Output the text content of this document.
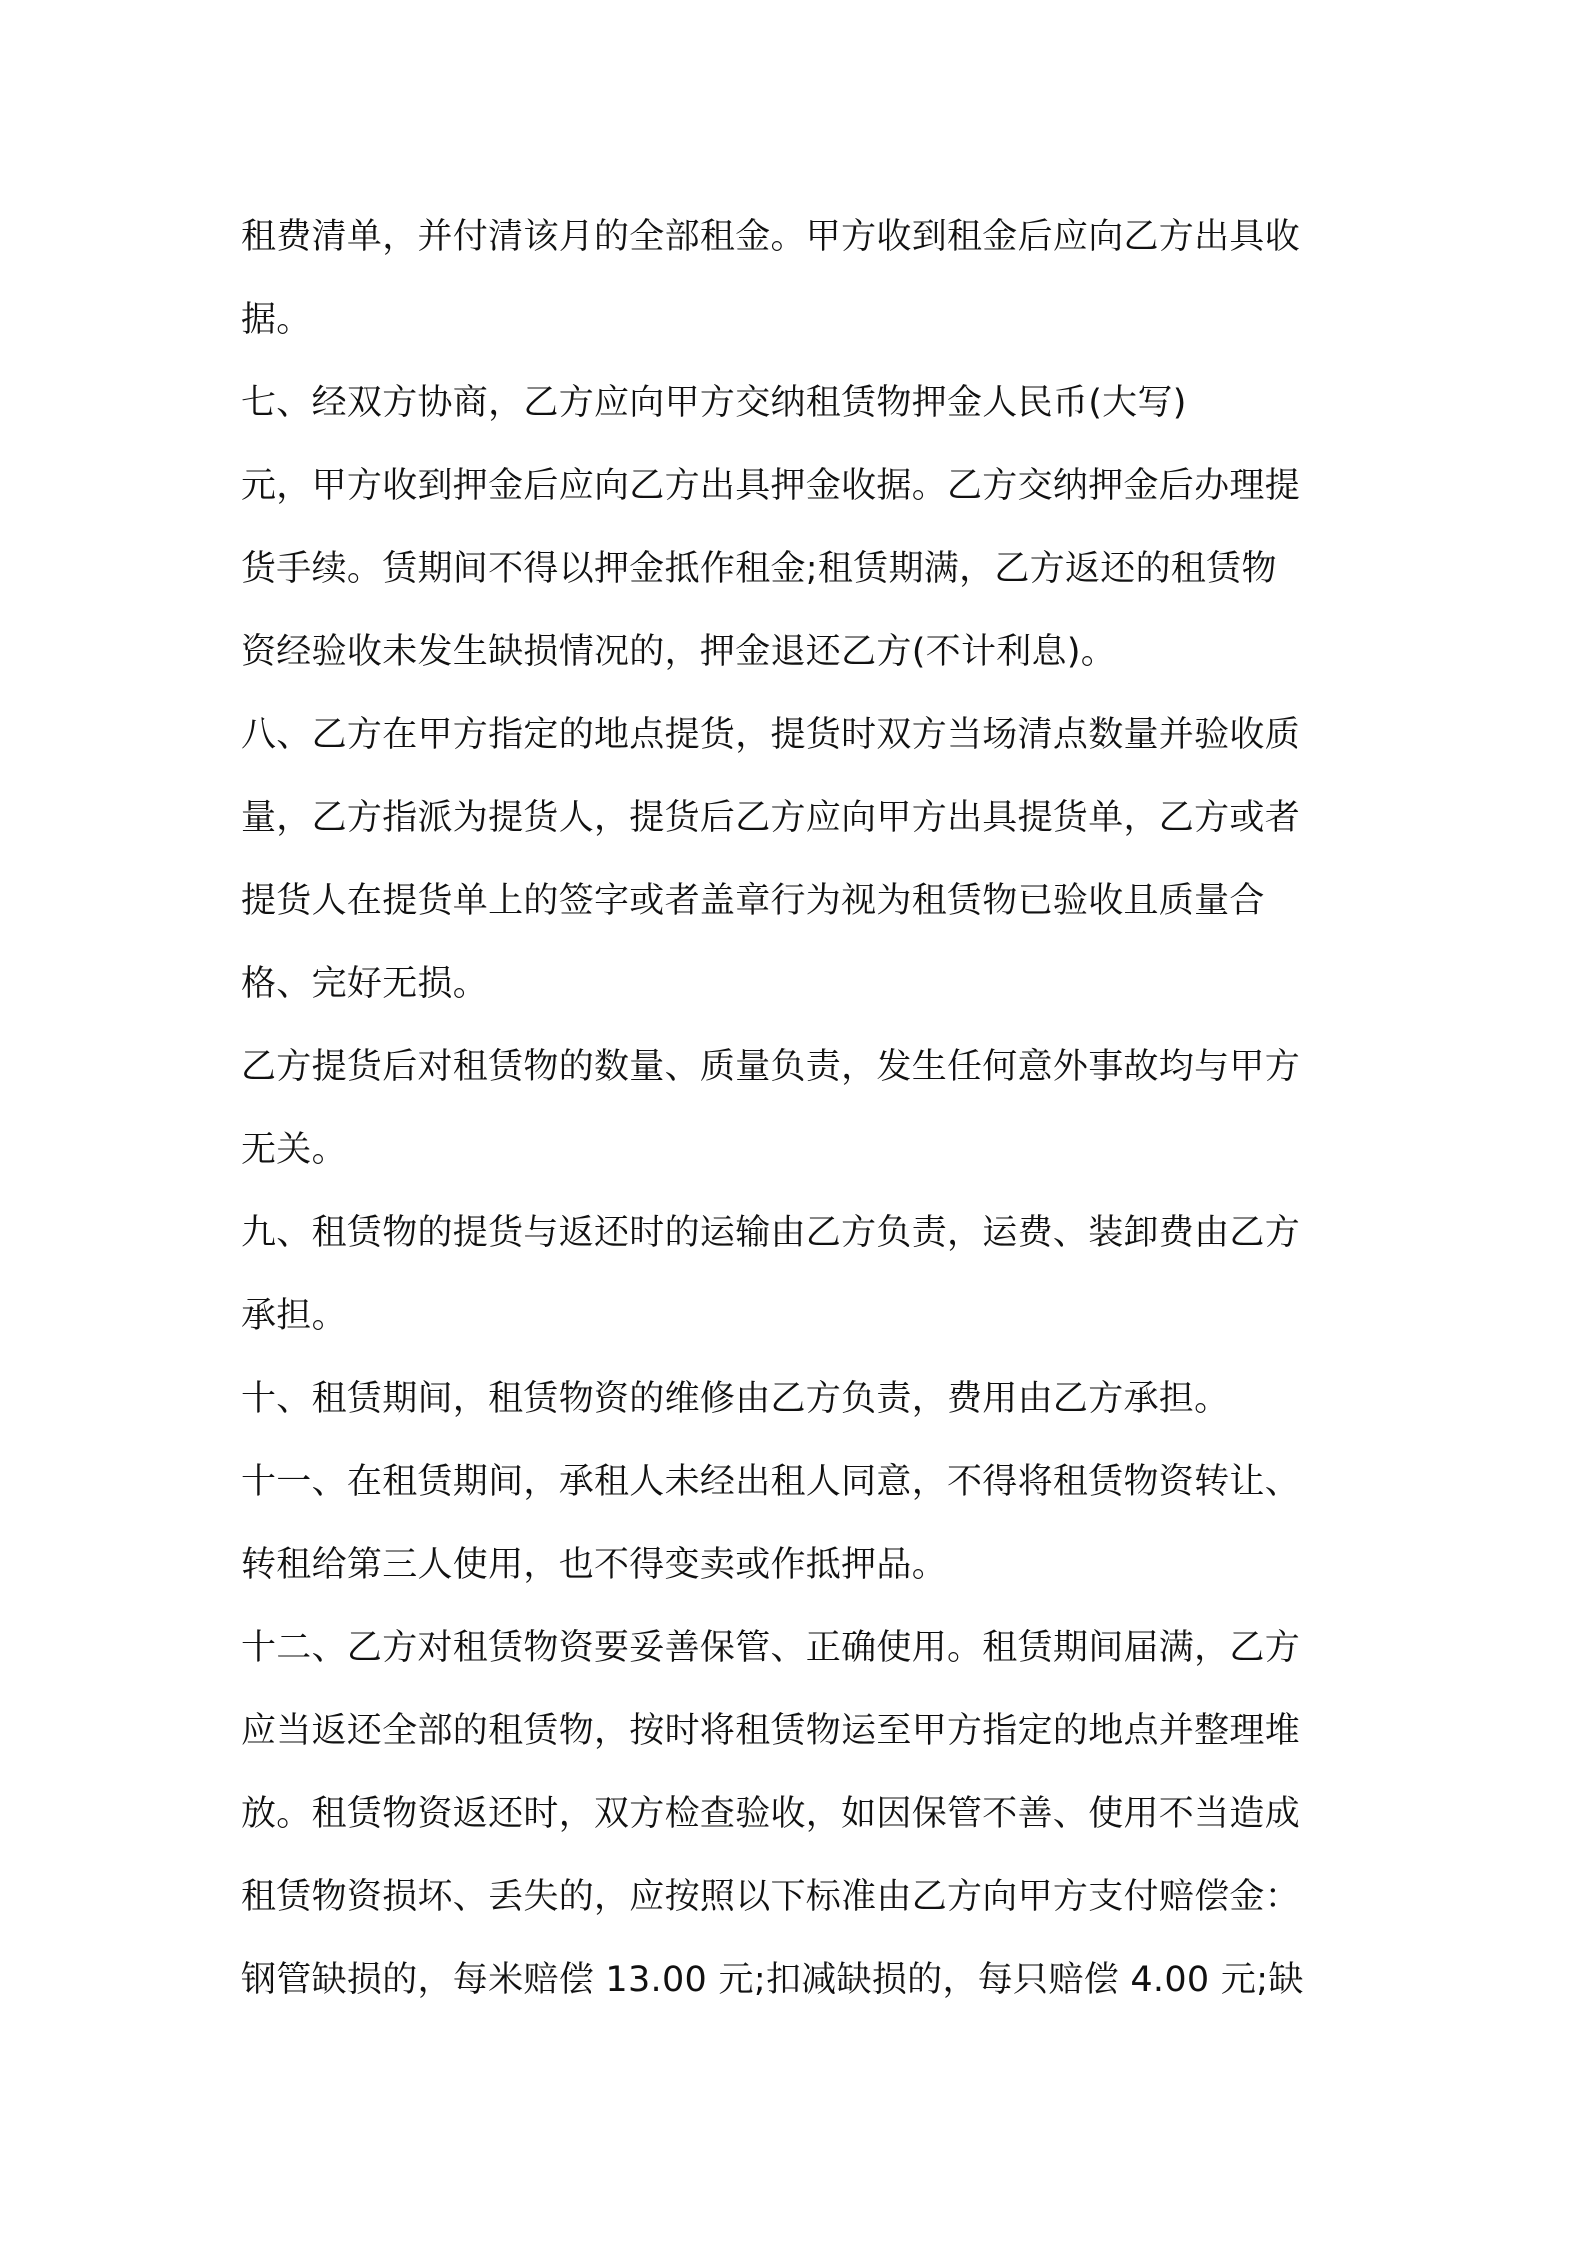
租费清单，并付清该月的全部租金。甲方收到租金后应向乙方出具收
据。
七、经双方协商，乙方应向甲方交纳租赁物押金人民币(大写)
元，甲方收到押金后应向乙方出具押金收据。乙方交纳押金后办理提
货手续。赁期间不得以押金抵作租金;租赁期满，乙方返还的租赁物
资经验收未发生缺损情况的，押金退还乙方(不计利息)。
八、乙方在甲方指定的地点提货，提货时双方当场清点数量并验收质
量，乙方指派为提货人，提货后乙方应向甲方出具提货单，乙方或者
提货人在提货单上的签字或者盖章行为视为租赁物已验收且质量合
格、完好无损。
乙方提货后对租赁物的数量、质量负责，发生任何意外事故均与甲方
无关。
九、租赁物的提货与返还时的运输由乙方负责，运费、装卸费由乙方
承担。
十、租赁期间，租赁物资的维修由乙方负责，费用由乙方承担。
十一、在租赁期间，承租人未经出租人同意，不得将租赁物资转让、
转租给第三人使用，也不得变卖或作抵押品。
十二、乙方对租赁物资要妥善保管、正确使用。租赁期间届满，乙方
应当返还全部的租赁物，按时将租赁物运至甲方指定的地点并整理堆
放。租赁物资返还时，双方检查验收，如因保管不善、使用不当造成
租赁物资损坏、丢失的，应按照以下标准由乙方向甲方支付赔偿金：
钢管缺损的，每米赔偿 13.00 元;扣减缺损的，每只赔偿 4.00 元;缺
